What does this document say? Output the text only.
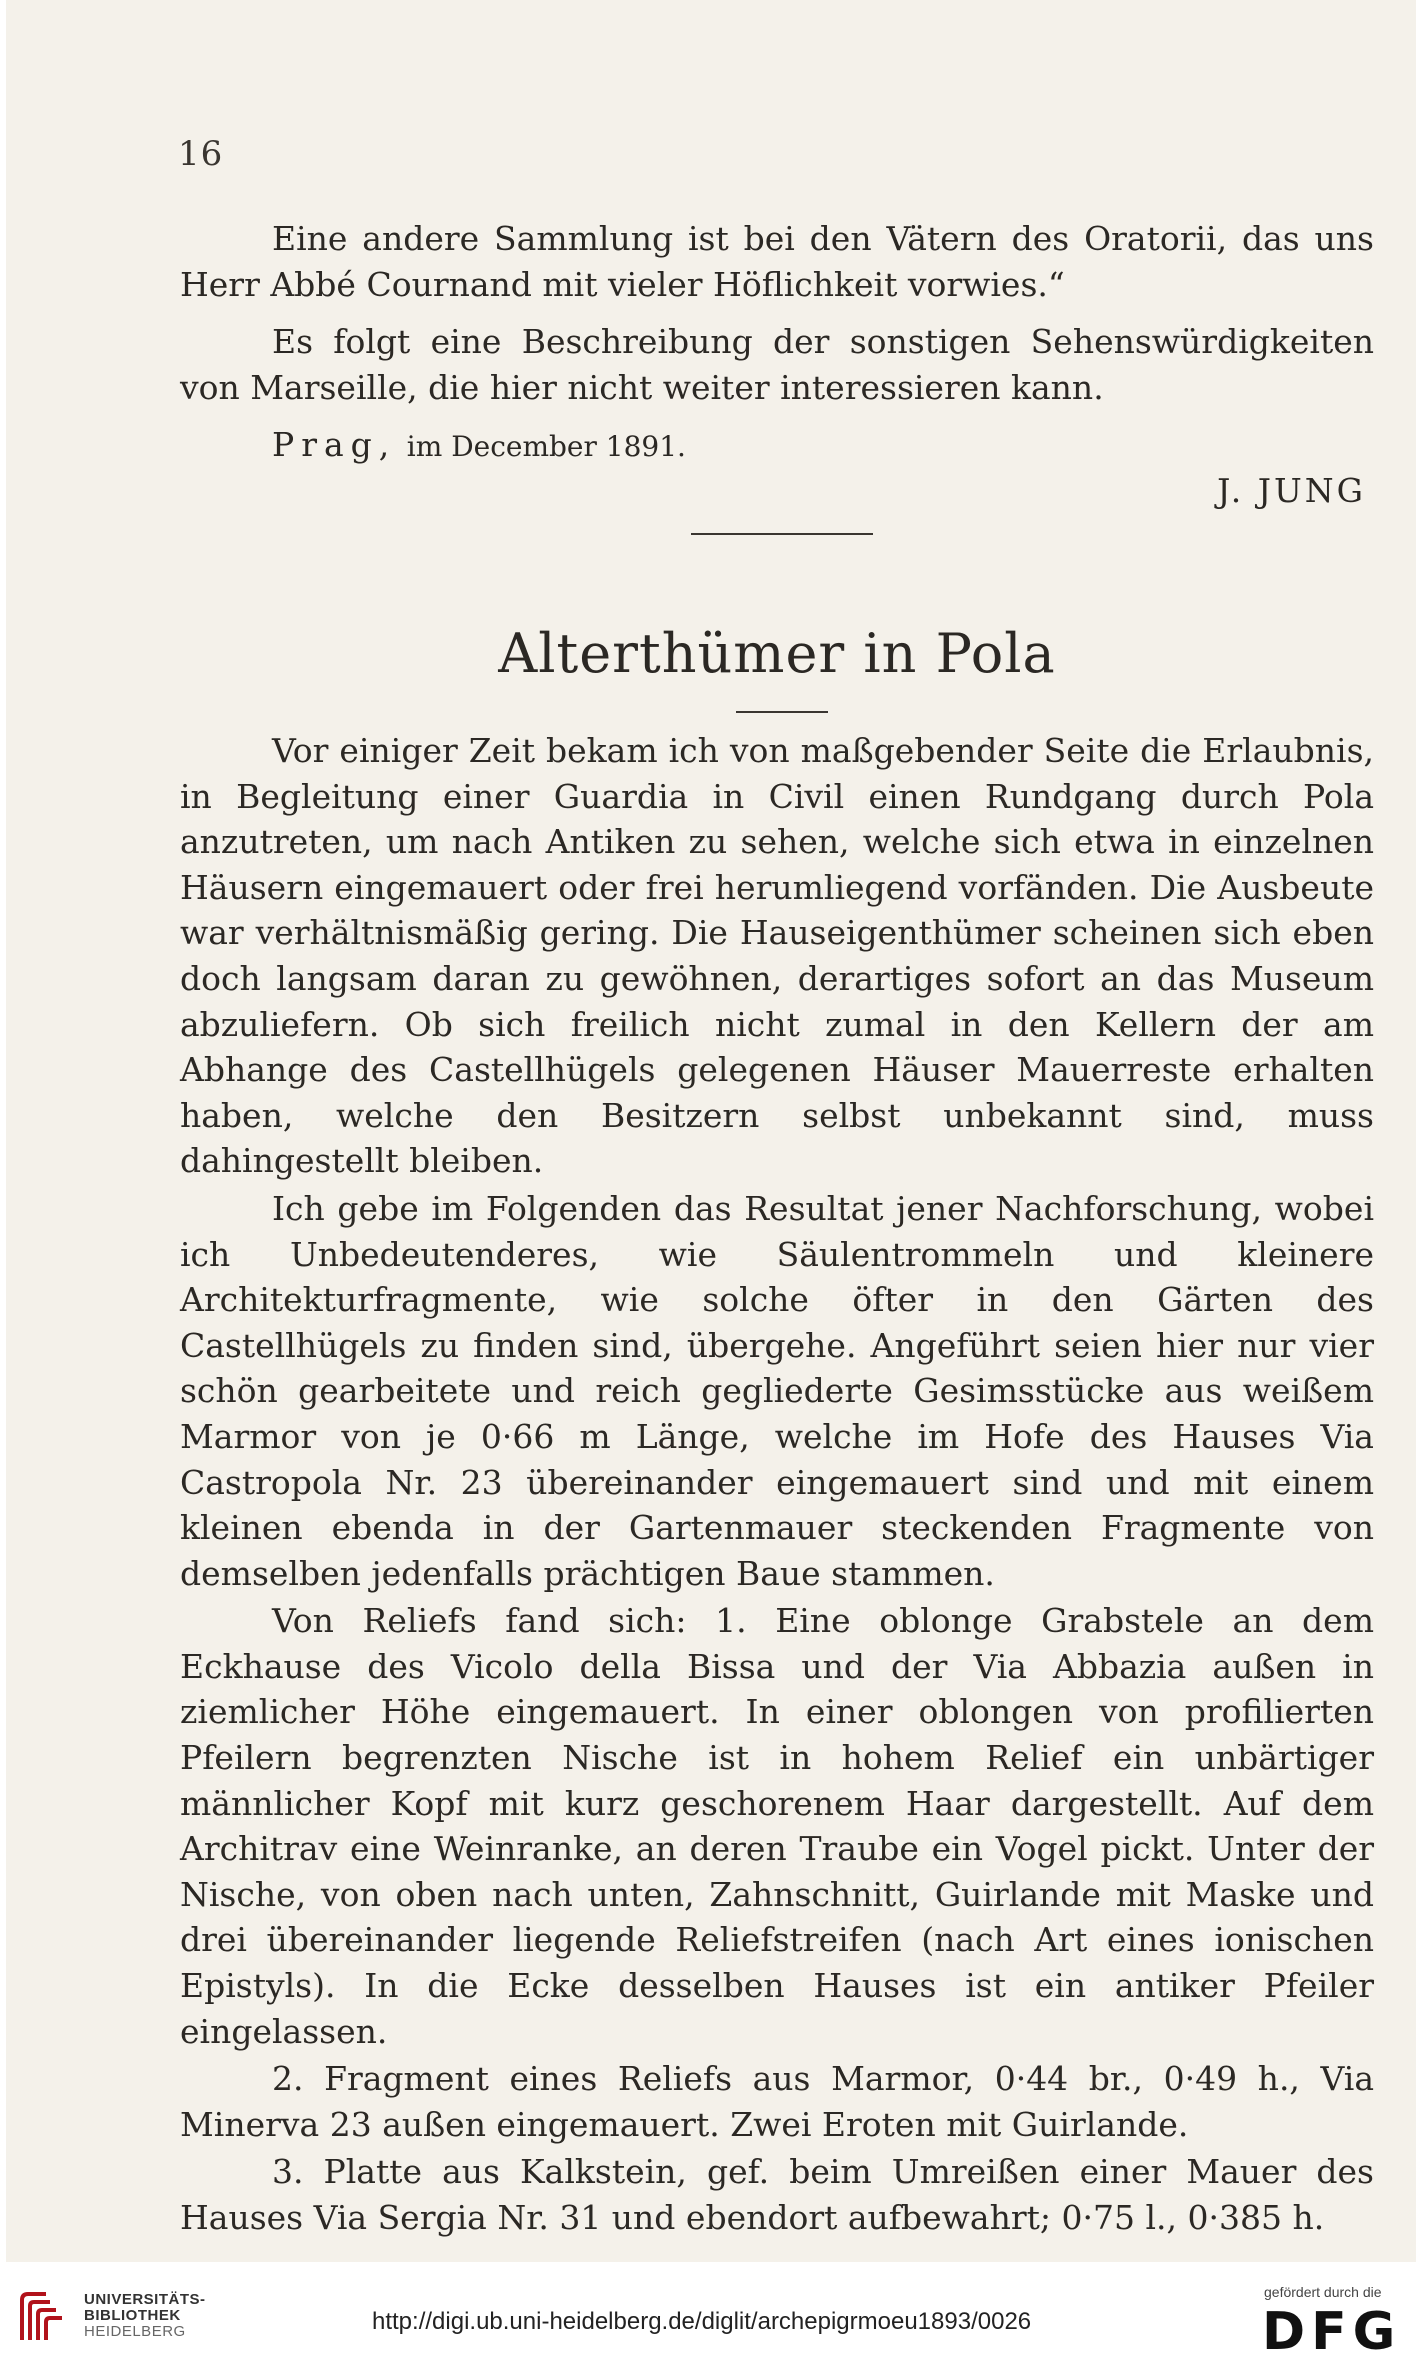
16

Eine andere Sammlung ist bei den Vätern des Oratorii, das uns Herr Abbé Cournand mit vieler Höflichkeit vorwies.“

Es folgt eine Beschreibung der sonstigen Sehenswürdigkeiten von Marseille, die hier nicht weiter interessieren kann.

Prag, im December 1891.
J. JUNG
Alterthümer in Pola

Vor einiger Zeit bekam ich von maßgebender Seite die Erlaubnis, in Begleitung einer Guardia in Civil einen Rundgang durch Pola anzutreten, um nach Antiken zu sehen, welche sich etwa in einzelnen Häusern eingemauert oder frei herumliegend vorfänden. Die Ausbeute war verhältnismäßig gering. Die Hauseigenthümer scheinen sich eben doch langsam daran zu gewöhnen, derartiges sofort an das Museum abzuliefern. Ob sich freilich nicht zumal in den Kellern der am Abhange des Castellhügels gelegenen Häuser Mauerreste erhalten haben, welche den Besitzern selbst unbekannt sind, muss dahingestellt bleiben.

Ich gebe im Folgenden das Resultat jener Nachforschung, wobei ich Unbedeutenderes, wie Säulentrommeln und kleinere Architekturfragmente, wie solche öfter in den Gärten des Castellhügels zu finden sind, übergehe. Angeführt seien hier nur vier schön gearbeitete und reich gegliederte Gesimsstücke aus weißem Marmor von je 0·66 m Länge, welche im Hofe des Hauses Via Castropola Nr. 23 übereinander eingemauert sind und mit einem kleinen ebenda in der Gartenmauer steckenden Fragmente von demselben jedenfalls prächtigen Baue stammen.

Von Reliefs fand sich: 1. Eine oblonge Grabstele an dem Eckhause des Vicolo della Bissa und der Via Abbazia außen in ziemlicher Höhe eingemauert. In einer oblongen von profilierten Pfeilern begrenzten Nische ist in hohem Relief ein unbärtiger männlicher Kopf mit kurz geschorenem Haar dargestellt. Auf dem Architrav eine Weinranke, an deren Traube ein Vogel pickt. Unter der Nische, von oben nach unten, Zahnschnitt, Guirlande mit Maske und drei übereinander liegende Reliefstreifen (nach Art eines ionischen Epistyls). In die Ecke desselben Hauses ist ein antiker Pfeiler eingelassen.

2. Fragment eines Reliefs aus Marmor, 0·44 br., 0·49 h., Via Minerva 23 außen eingemauert. Zwei Eroten mit Guirlande.

3. Platte aus Kalkstein, gef. beim Umreißen einer Mauer des Hauses Via Sergia Nr. 31 und ebendort aufbewahrt; 0·75 l., 0·385 h.

UNIVERSITÄTS-
BIBLIOTHEK
HEIDELBERG	http://digi.ub.uni-heidelberg.de/diglit/archepigrmoeu1893/0026
gefördert durch die
DFG
